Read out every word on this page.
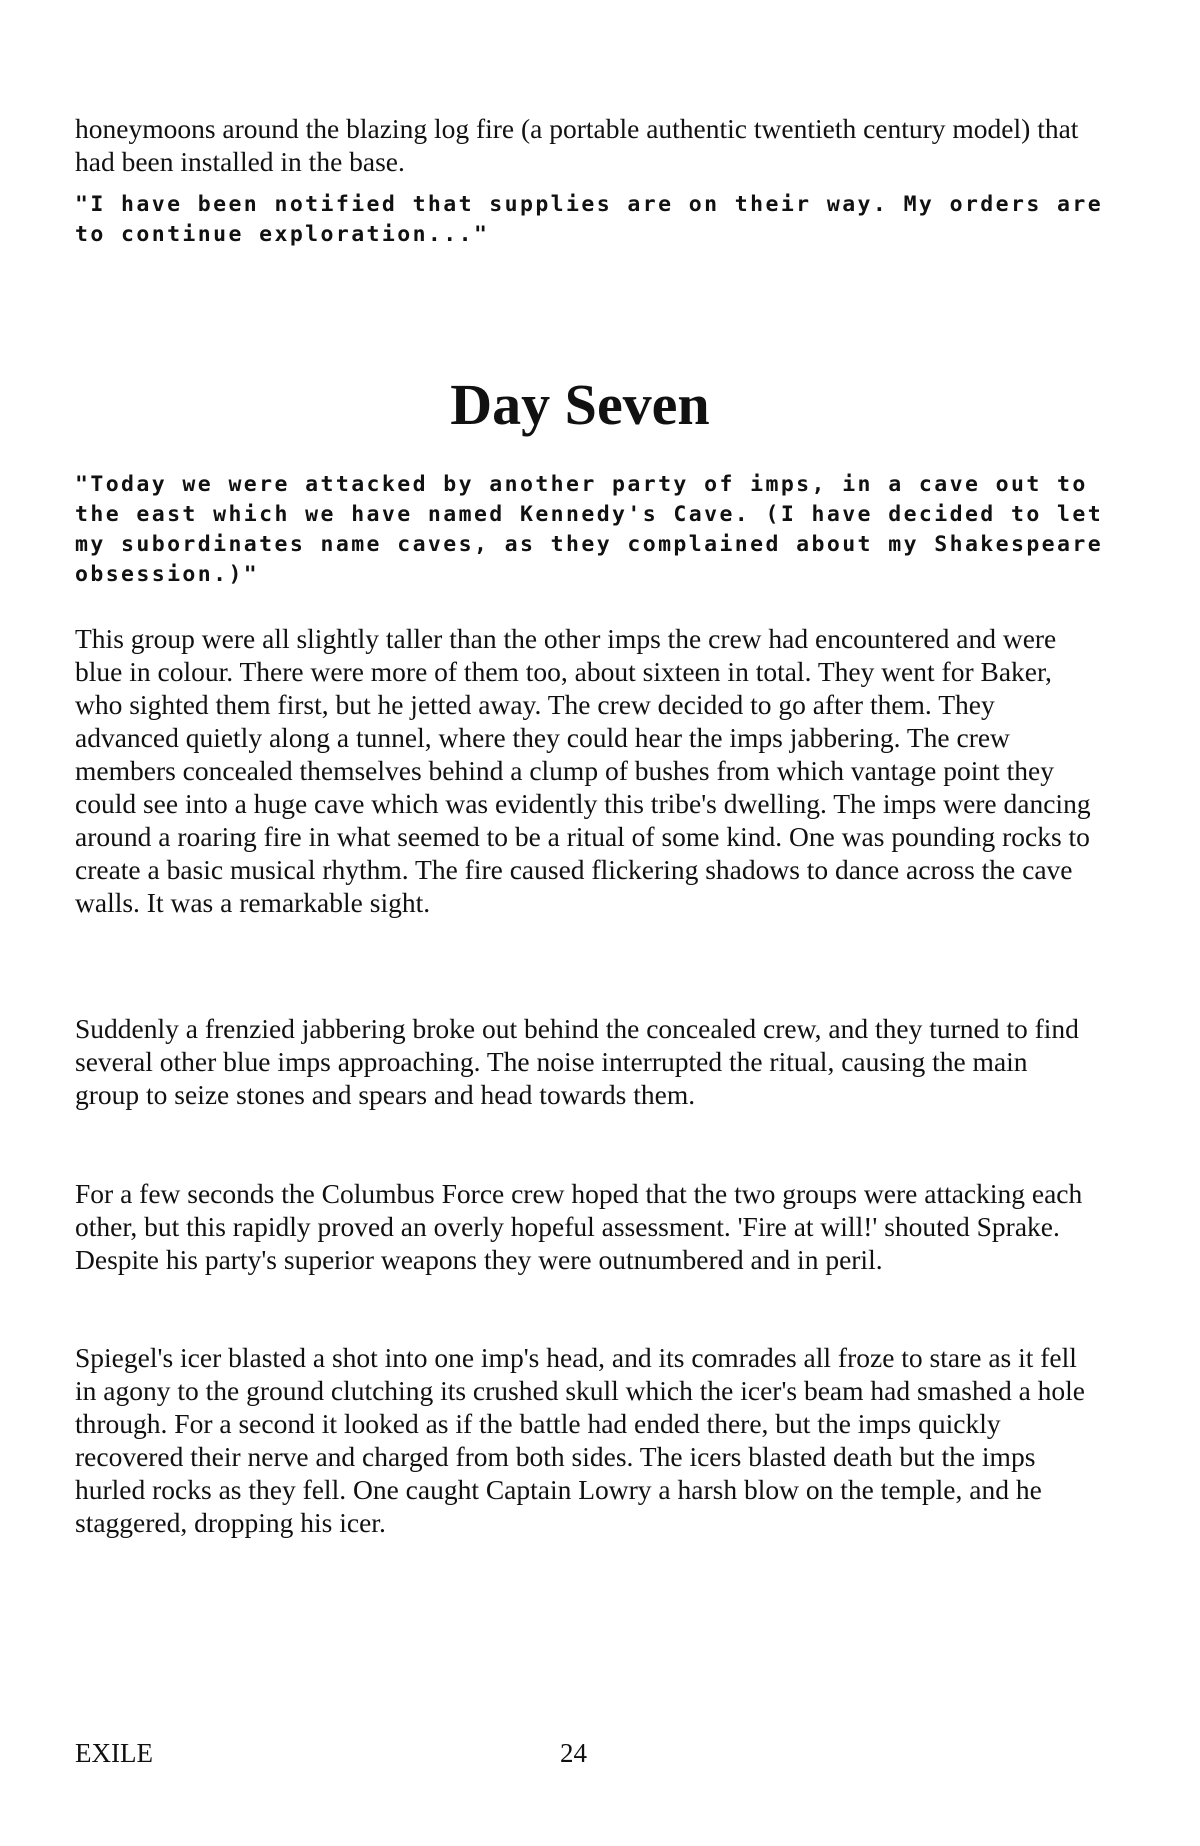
honeymoons around the blazing log fire (a portable authentic twentieth century model) that had been installed in the base.

"I have been notified that supplies are on their way. My orders are to continue exploration..."

Day Seven

"Today we were attacked by another party of imps, in a cave out to the east which we have named Kennedy's Cave. (I have decided to let my subordinates name caves, as they complained about my Shakespeare obsession.)"

This group were all slightly taller than the other imps the crew had encountered and were blue in colour. There were more of them too, about sixteen in total. They went for Baker, who sighted them first, but he jetted away. The crew decided to go after them. They advanced quietly along a tunnel, where they could hear the imps jabbering. The crew members concealed themselves behind a clump of bushes from which vantage point they could see into a huge cave which was evidently this tribe's dwelling. The imps were dancing around a roaring fire in what seemed to be a ritual of some kind. One was pounding rocks to create a basic musical rhythm. The fire caused flickering shadows to dance across the cave walls. It was a remarkable sight.

Suddenly a frenzied jabbering broke out behind the concealed crew, and they turned to find several other blue imps approaching. The noise interrupted the ritual, causing the main group to seize stones and spears and head towards them.

For a few seconds the Columbus Force crew hoped that the two groups were attacking each other, but this rapidly proved an overly hopeful assessment. 'Fire at will!' shouted Sprake. Despite his party's superior weapons they were outnumbered and in peril.

Spiegel's icer blasted a shot into one imp's head, and its comrades all froze to stare as it fell in agony to the ground clutching its crushed skull which the icer's beam had smashed a hole through. For a second it looked as if the battle had ended there, but the imps quickly recovered their nerve and charged from both sides. The icers blasted death but the imps hurled rocks as they fell. One caught Captain Lowry a harsh blow on the temple, and he staggered, dropping his icer.

EXILE	24
